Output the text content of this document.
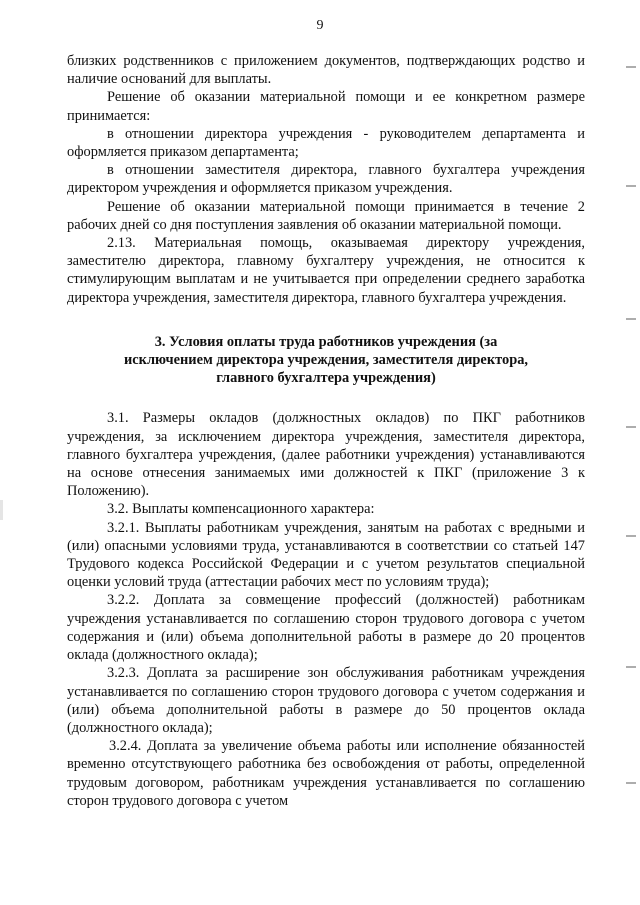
9

близких родственников с приложением документов, подтверждающих родство и наличие оснований для выплаты.

Решение об оказании материальной помощи и ее конкретном размере принимается:

в отношении директора учреждения - руководителем департамента и оформляется приказом департамента;

в отношении заместителя директора, главного бухгалтера учреждения директором учреждения и оформляется приказом учреждения.

Решение об оказании материальной помощи принимается в течение 2 рабочих дней со дня поступления заявления об оказании материальной помощи.

2.13. Материальная помощь, оказываемая директору учреждения, заместителю директора, главному бухгалтеру учреждения, не относится к стимулирующим выплатам и не учитывается при определении среднего заработка директора учреждения, заместителя директора, главного бухгалтера учреждения.

3. Условия оплаты труда работников учреждения (за
исключением директора учреждения, заместителя директора,
главного бухгалтера учреждения)

3.1. Размеры окладов (должностных окладов) по ПКГ работников учреждения, за исключением директора учреждения, заместителя директора, главного бухгалтера учреждения, (далее работники учреждения) устанавливаются на основе отнесения занимаемых ими должностей к ПКГ (приложение 3 к Положению).

3.2. Выплаты компенсационного характера:

3.2.1. Выплаты работникам учреждения, занятым на работах с вредными и (или) опасными условиями труда, устанавливаются в соответствии со статьей 147 Трудового кодекса Российской Федерации и с учетом результатов специальной оценки условий труда (аттестации рабочих мест по условиям труда);

3.2.2. Доплата за совмещение профессий (должностей) работникам учреждения устанавливается по соглашению сторон трудового договора с учетом содержания и (или) объема дополнительной работы в размере до 20 процентов оклада (должностного оклада);

3.2.3. Доплата за расширение зон обслуживания работникам учреждения устанавливается по соглашению сторон трудового договора с учетом содержания и (или) объема дополнительной работы в размере до 50 процентов оклада (должностного оклада);

3.2.4. Доплата за увеличение объема работы или исполнение обязанностей временно отсутствующего работника без освобождения от работы, определенной трудовым договором, работникам учреждения устанавливается по соглашению сторон трудового договора с учетом
